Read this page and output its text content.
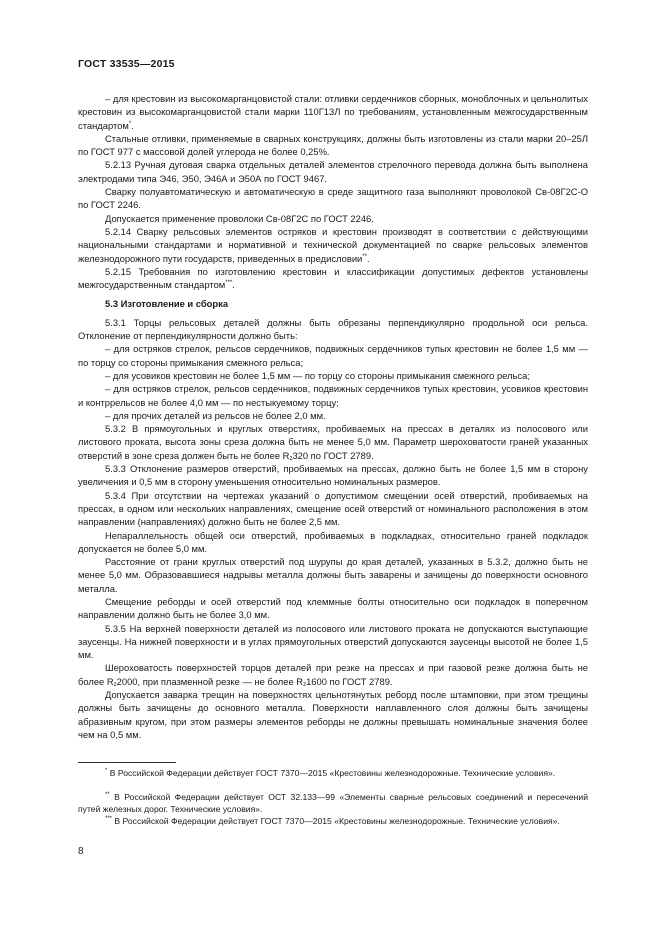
ГОСТ 33535—2015

– для крестовин из высокомарганцовистой стали: отливки сердечников сборных, моноблочных и цельнолитых крестовин из высокомарганцовистой стали марки 110Г13Л по требованиям, установленным межгосударственным стандартом*.

Стальные отливки, применяемые в сварных конструкциях, должны быть изготовлены из стали марки 20–25Л по ГОСТ 977 с массовой долей углерода не более 0,25%.

5.2.13 Ручная дуговая сварка отдельных деталей элементов стрелочного перевода должна быть выполнена электродами типа Э46, Э50, Э46А и Э50А по ГОСТ 9467.

Сварку полуавтоматическую и автоматическую в среде защитного газа выполняют проволокой Св-08Г2С-О по ГОСТ 2246.

Допускается применение проволоки Св-08Г2С по ГОСТ 2246.

5.2.14 Сварку рельсовых элементов остряков и крестовин производят в соответствии с действующими национальными стандартами и нормативной и технической документацией по сварке рельсовых элементов железнодорожного пути государств, приведенных в предисловии**.

5.2.15 Требования по изготовлению крестовин и классификации допустимых дефектов установлены межгосударственным стандартом***.

5.3 Изготовление и сборка

5.3.1 Торцы рельсовых деталей должны быть обрезаны перпендикулярно продольной оси рельса. Отклонение от перпендикулярности должно быть:

– для остряков стрелок, рельсов сердечников, подвижных сердечников тупых крестовин не более 1,5 мм — по торцу со стороны примыкания смежного рельса;

– для усовиков крестовин не более 1,5 мм — по торцу со стороны примыкания смежного рельса;

– для остряков стрелок, рельсов сердечников, подвижных сердечников тупых крестовин, усовиков крестовин и контррельсов не более 4,0 мм — по нестыкуемому торцу;

– для прочих деталей из рельсов не более 2,0 мм.

5.3.2 В прямоугольных и круглых отверстиях, пробиваемых на прессах в деталях из полосового или листового проката, высота зоны среза должна быть не менее 5,0 мм. Параметр шероховатости граней указанных отверстий в зоне среза должен быть не более $R_z320$ по ГОСТ 2789.

5.3.3 Отклонение размеров отверстий, пробиваемых на прессах, должно быть не более 1,5 мм в сторону увеличения и 0,5 мм в сторону уменьшения относительно номинальных размеров.

5.3.4 При отсутствии на чертежах указаний о допустимом смещении осей отверстий, пробиваемых на прессах, в одном или нескольких направлениях, смещение осей отверстий от номинального расположения в этом направлении (направлениях) должно быть не более 2,5 мм.

Непараллельность общей оси отверстий, пробиваемых в подкладках, относительно граней подкладок допускается не более 5,0 мм.

Расстояние от грани круглых отверстий под шурупы до края деталей, указанных в 5.3.2, должно быть не менее 5,0 мм. Образовавшиеся надрывы металла должны быть заварены и зачищены до поверхности основного металла.

Смещение реборды и осей отверстий под клеммные болты относительно оси подкладок в поперечном направлении должно быть не более 3,0 мм.

5.3.5 На верхней поверхности деталей из полосового или листового проката не допускаются выступающие заусенцы. На нижней поверхности и в углах прямоугольных отверстий допускаются заусенцы высотой не более 1,5 мм.

Шероховатость поверхностей торцов деталей при резке на прессах и при газовой резке должна быть не более $R_z2000$, при плазменной резке — не более $R_z1600$ по ГОСТ 2789.

Допускается заварка трещин на поверхностях цельнотянутых реборд после штамповки, при этом трещины должны быть зачищены до основного металла. Поверхности наплавленного слоя должны быть зачищены абразивным кругом, при этом размеры элементов реборды не должны превышать номинальные значения более чем на 0,5 мм.

* В Российской Федерации действует ГОСТ 7370—2015 «Крестовины железнодорожные. Технические условия».
** В Российской Федерации действует ОСТ 32.133—99 «Элементы сварные рельсовых соединений и пересечений путей железных дорог. Технические условия».
*** В Российской Федерации действует ГОСТ 7370—2015 «Крестовины железнодорожные. Технические условия».
8
